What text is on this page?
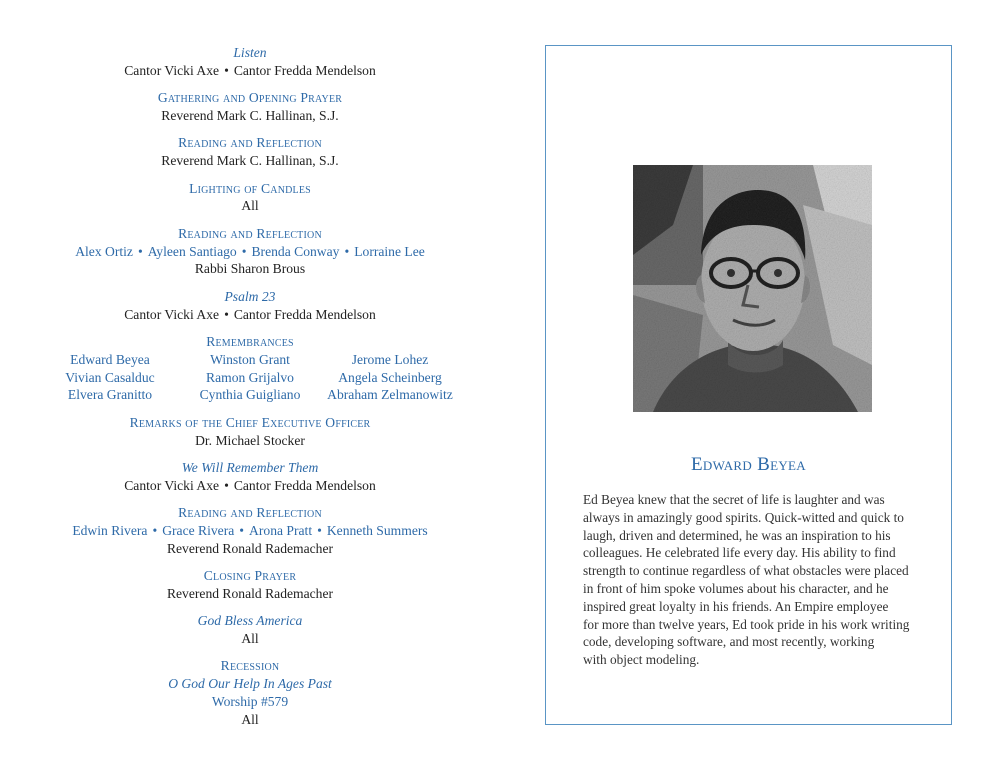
Listen
Cantor Vicki Axe • Cantor Fredda Mendelson
Gathering and Opening Prayer
Reverend Mark C. Hallinan, S.J.
Reading and Reflection
Reverend Mark C. Hallinan, S.J.
Lighting of Candles
All
Reading and Reflection
Alex Ortiz • Ayleen Santiago • Brenda Conway • Lorraine Lee
Rabbi Sharon Brous
Psalm 23
Cantor Vicki Axe • Cantor Fredda Mendelson
Remembrances
Edward Beyea	Winston Grant	Jerome Lohez
Vivian Casalduc	Ramon Grijalvo	Angela Scheinberg
Elvera Granitto	Cynthia Guigliano	Abraham Zelmanowitz
Remarks of the Chief Executive Officer
Dr. Michael Stocker
We Will Remember Them
Cantor Vicki Axe • Cantor Fredda Mendelson
Reading and Reflection
Edwin Rivera • Grace Rivera • Arona Pratt • Kenneth Summers
Reverend Ronald Rademacher
Closing Prayer
Reverend Ronald Rademacher
God Bless America
All
Recession
O God Our Help In Ages Past
Worship #579
All
Edward Beyea
Ed Beyea knew that the secret of life is laughter and was
always in amazingly good spirits. Quick-witted and quick to
laugh, driven and determined, he was an inspiration to his
colleagues. He celebrated life every day. His ability to find
strength to continue regardless of what obstacles were placed
in front of him spoke volumes about his character, and he
inspired great loyalty in his friends. An Empire employee
for more than twelve years, Ed took pride in his work writing
code, developing software, and most recently, working
with object modeling.
